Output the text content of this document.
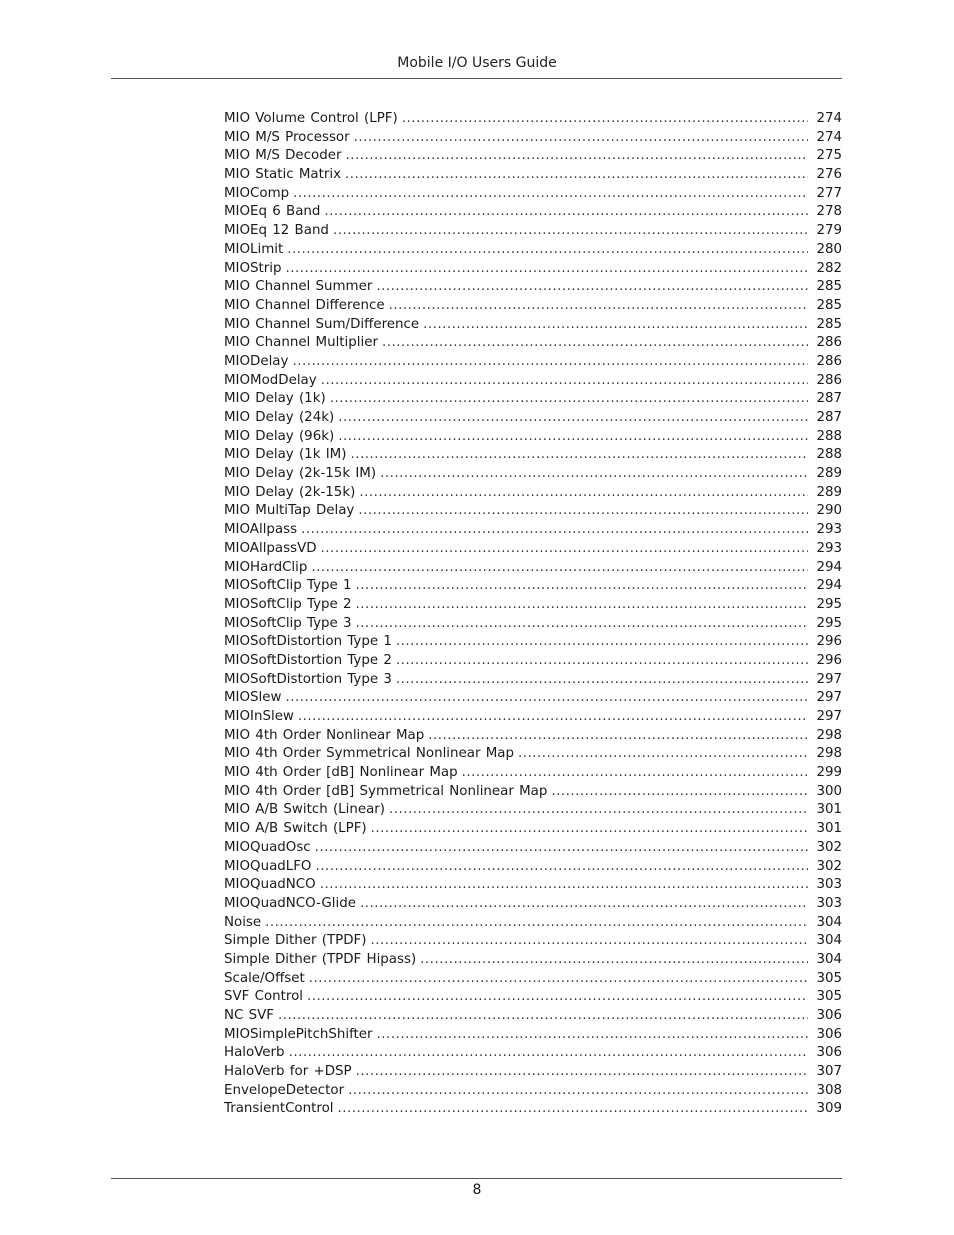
Mobile I/O Users Guide
MIO Volume Control (LPF) .....	274
MIO M/S Processor .....	274
MIO M/S Decoder .....	275
MIO Static Matrix .....	276
MIOComp .....	277
MIOEq 6 Band .....	278
MIOEq 12 Band .....	279
MIOLimit .....	280
MIOStrip .....	282
MIO Channel Summer .....	285
MIO Channel Difference .....	285
MIO Channel Sum/Difference .....	285
MIO Channel Multiplier .....	286
MIODelay .....	286
MIOModDelay .....	286
MIO Delay (1k) .....	287
MIO Delay (24k) .....	287
MIO Delay (96k) .....	288
MIO Delay (1k IM) .....	288
MIO Delay (2k-15k IM) .....	289
MIO Delay (2k-15k) .....	289
MIO MultiTap Delay .....	290
MIOAllpass .....	293
MIOAllpassVD .....	293
MIOHardClip .....	294
MIOSoftClip Type 1 .....	294
MIOSoftClip Type 2 .....	295
MIOSoftClip Type 3 .....	295
MIOSoftDistortion Type 1 .....	296
MIOSoftDistortion Type 2 .....	296
MIOSoftDistortion Type 3 .....	297
MIOSlew .....	297
MIOInSlew .....	297
MIO 4th Order Nonlinear Map .....	298
MIO 4th Order Symmetrical Nonlinear Map .....	298
MIO 4th Order [dB] Nonlinear Map .....	299
MIO 4th Order [dB] Symmetrical Nonlinear Map .....	300
MIO A/B Switch (Linear) .....	301
MIO A/B Switch (LPF) .....	301
MIOQuadOsc .....	302
MIOQuadLFO .....	302
MIOQuadNCO .....	303
MIOQuadNCO-Glide .....	303
Noise .....	304
Simple Dither (TPDF) .....	304
Simple Dither (TPDF Hipass) .....	304
Scale/Offset .....	305
SVF Control .....	305
NC SVF .....	306
MIOSimplePitchShifter .....	306
HaloVerb .....	306
HaloVerb for +DSP .....	307
EnvelopeDetector .....	308
TransientControl .....	309
8
